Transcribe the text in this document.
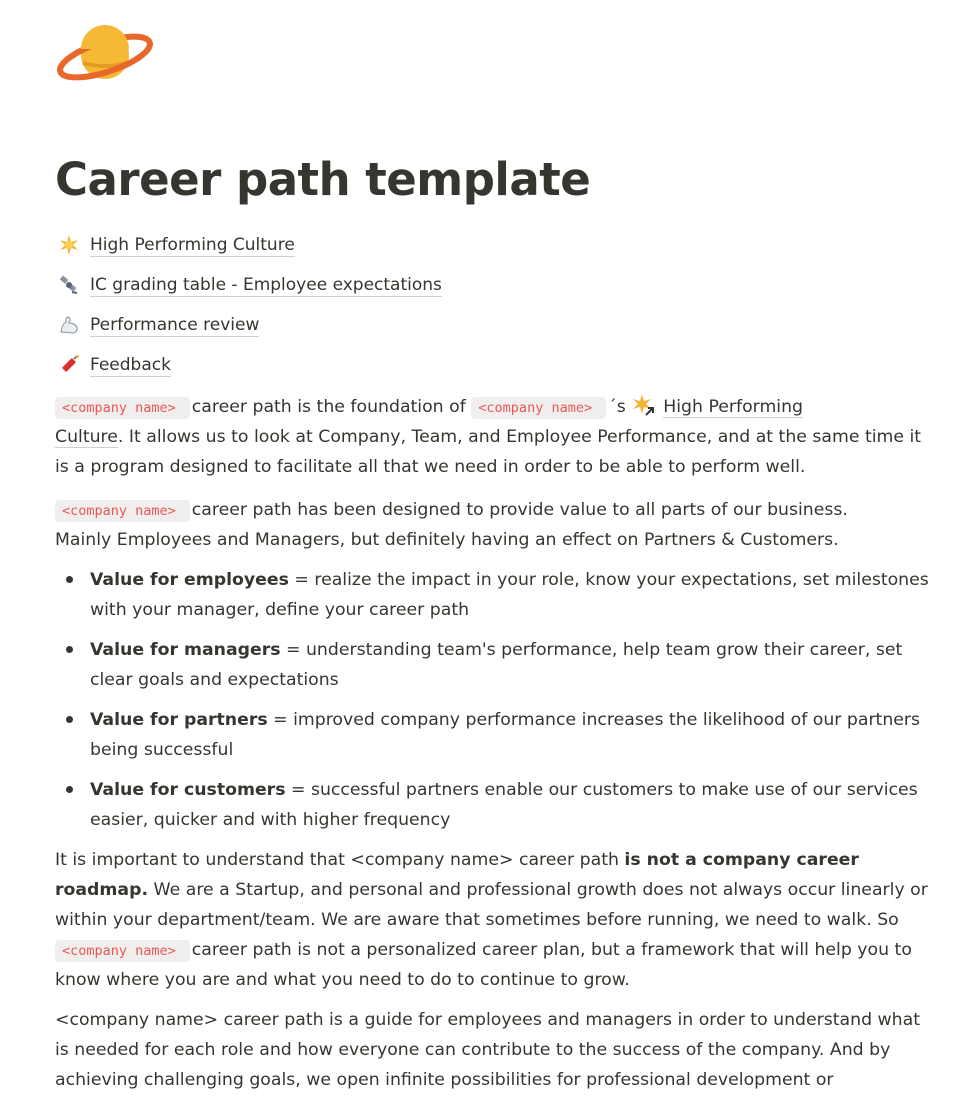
Career path template
High Performing Culture
IC grading table - Employee expectations
Performance review
Feedback
<company name> career path is the foundation of <company name> ´s High Performing
Culture. It allows us to look at Company, Team, and Employee Performance, and at the same time it
is a program designed to facilitate all that we need in order to be able to perform well.
<company name> career path has been designed to provide value to all parts of our business.
Mainly Employees and Managers, but definitely having an effect on Partners & Customers.
Value for employees = realize the impact in your role, know your expectations, set milestones
with your manager, define your career path
Value for managers = understanding team's performance, help team grow their career, set
clear goals and expectations
Value for partners = improved company performance increases the likelihood of our partners
being successful
Value for customers = successful partners enable our customers to make use of our services
easier, quicker and with higher frequency
It is important to understand that <company name> career path is not a company career
roadmap. We are a Startup, and personal and professional growth does not always occur linearly or
within your department/team. We are aware that sometimes before running, we need to walk. So
<company name> career path is not a personalized career plan, but a framework that will help you to
know where you are and what you need to do to continue to grow.
<company name> career path is a guide for employees and managers in order to understand what
is needed for each role and how everyone can contribute to the success of the company. And by
achieving challenging goals, we open infinite possibilities for professional development or
